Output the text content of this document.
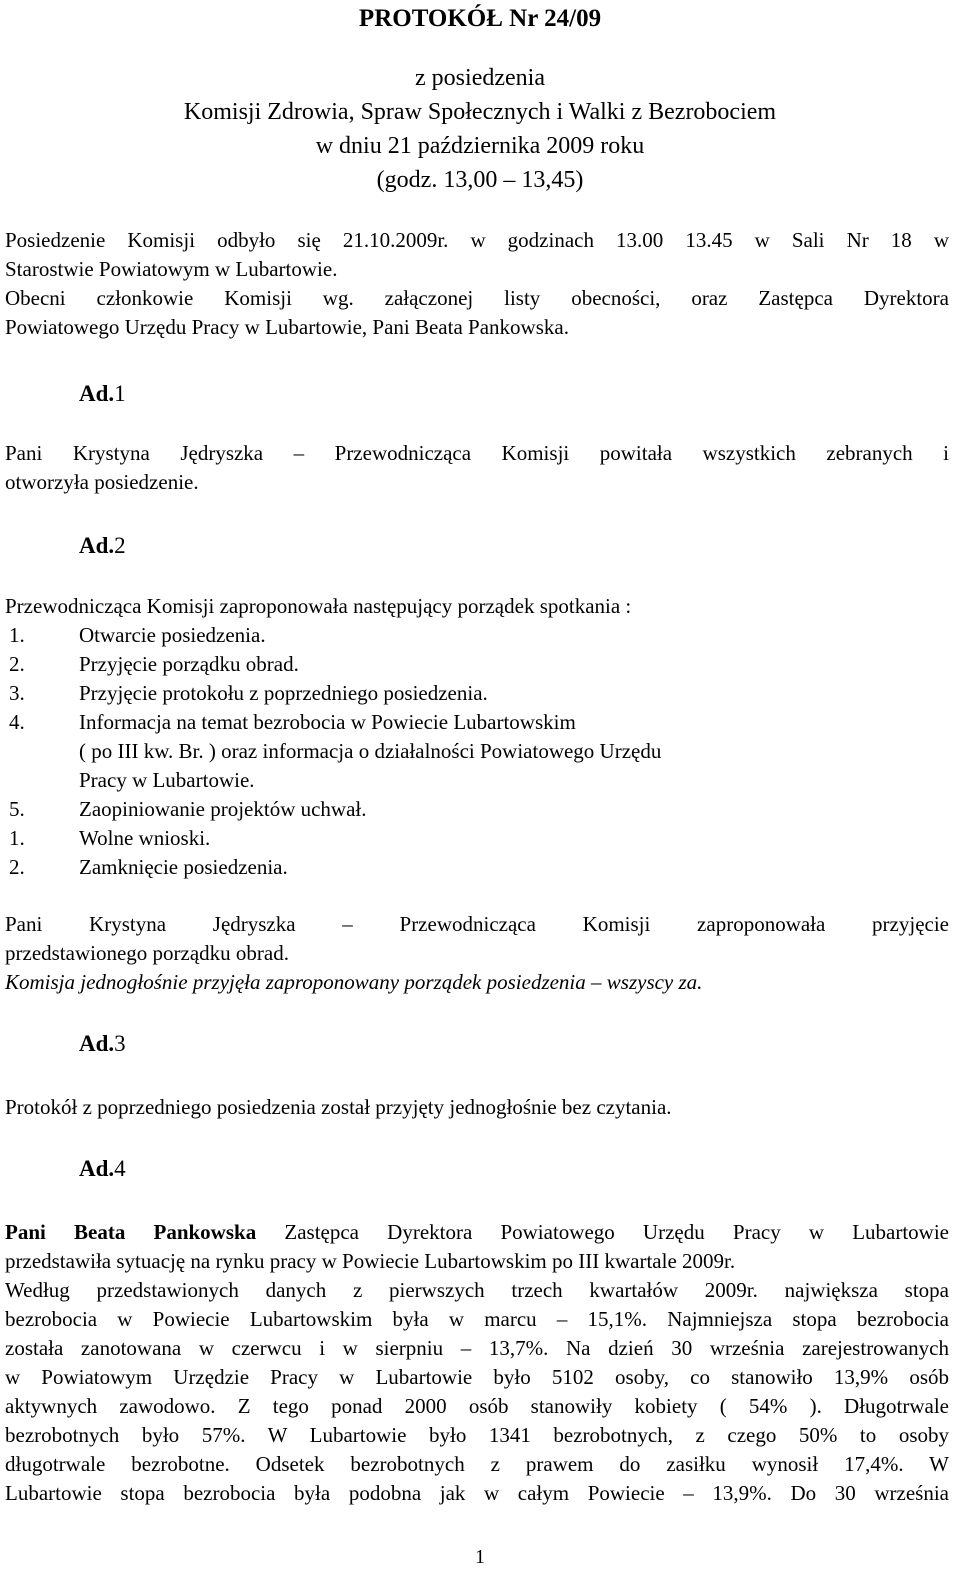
PROTOKÓŁ Nr 24/09
z posiedzenia
Komisji Zdrowia, Spraw Społecznych i Walki z Bezrobociem
w dniu 21 października 2009 roku
(godz. 13,00 – 13,45)
Posiedzenie Komisji odbyło się 21.10.2009r. w godzinach 13.00 13.45 w Sali Nr 18 w
Starostwie Powiatowym w Lubartowie.
Obecni członkowie Komisji wg. załączonej listy obecności, oraz Zastępca Dyrektora
Powiatowego Urzędu Pracy w Lubartowie, Pani Beata Pankowska.
Ad.1
Pani Krystyna Jędryszka – Przewodnicząca Komisji powitała wszystkich zebranych i
otworzyła posiedzenie.
Ad.2
Przewodnicząca Komisji zaproponowała następujący porządek spotkania :
1.	Otwarcie posiedzenia.
2.	Przyjęcie porządku obrad.
3.	Przyjęcie protokołu z poprzedniego posiedzenia.
4.	Informacja na temat bezrobocia w Powiecie Lubartowskim
( po III kw. Br. ) oraz informacja o działalności Powiatowego Urzędu
Pracy w Lubartowie.
5.	Zaopiniowanie projektów uchwał.
1.	Wolne wnioski.
2.	Zamknięcie posiedzenia.
Pani Krystyna Jędryszka – Przewodnicząca Komisji zaproponowała przyjęcie
przedstawionego porządku obrad.
Komisja jednogłośnie przyjęła zaproponowany porządek posiedzenia – wszyscy za.
Ad.3
Protokół z poprzedniego posiedzenia został przyjęty jednogłośnie bez czytania.
Ad.4
Pani Beata Pankowska Zastępca Dyrektora Powiatowego Urzędu Pracy w Lubartowie
przedstawiła sytuację na rynku pracy w Powiecie Lubartowskim po III kwartale 2009r.
Według przedstawionych danych z pierwszych trzech kwartałów 2009r. największa stopa
bezrobocia w Powiecie Lubartowskim była w marcu – 15,1%. Najmniejsza stopa bezrobocia
została zanotowana w czerwcu i w sierpniu – 13,7%. Na dzień 30 września zarejestrowanych
w Powiatowym Urzędzie Pracy w Lubartowie było 5102 osoby, co stanowiło 13,9% osób
aktywnych zawodowo. Z tego ponad 2000 osób stanowiły kobiety ( 54% ). Długotrwale
bezrobotnych było 57%. W Lubartowie było 1341 bezrobotnych, z czego 50% to osoby
długotrwale bezrobotne. Odsetek bezrobotnych z prawem do zasiłku wynosił 17,4%. W
Lubartowie stopa bezrobocia była podobna jak w całym Powiecie – 13,9%. Do 30 września
1
